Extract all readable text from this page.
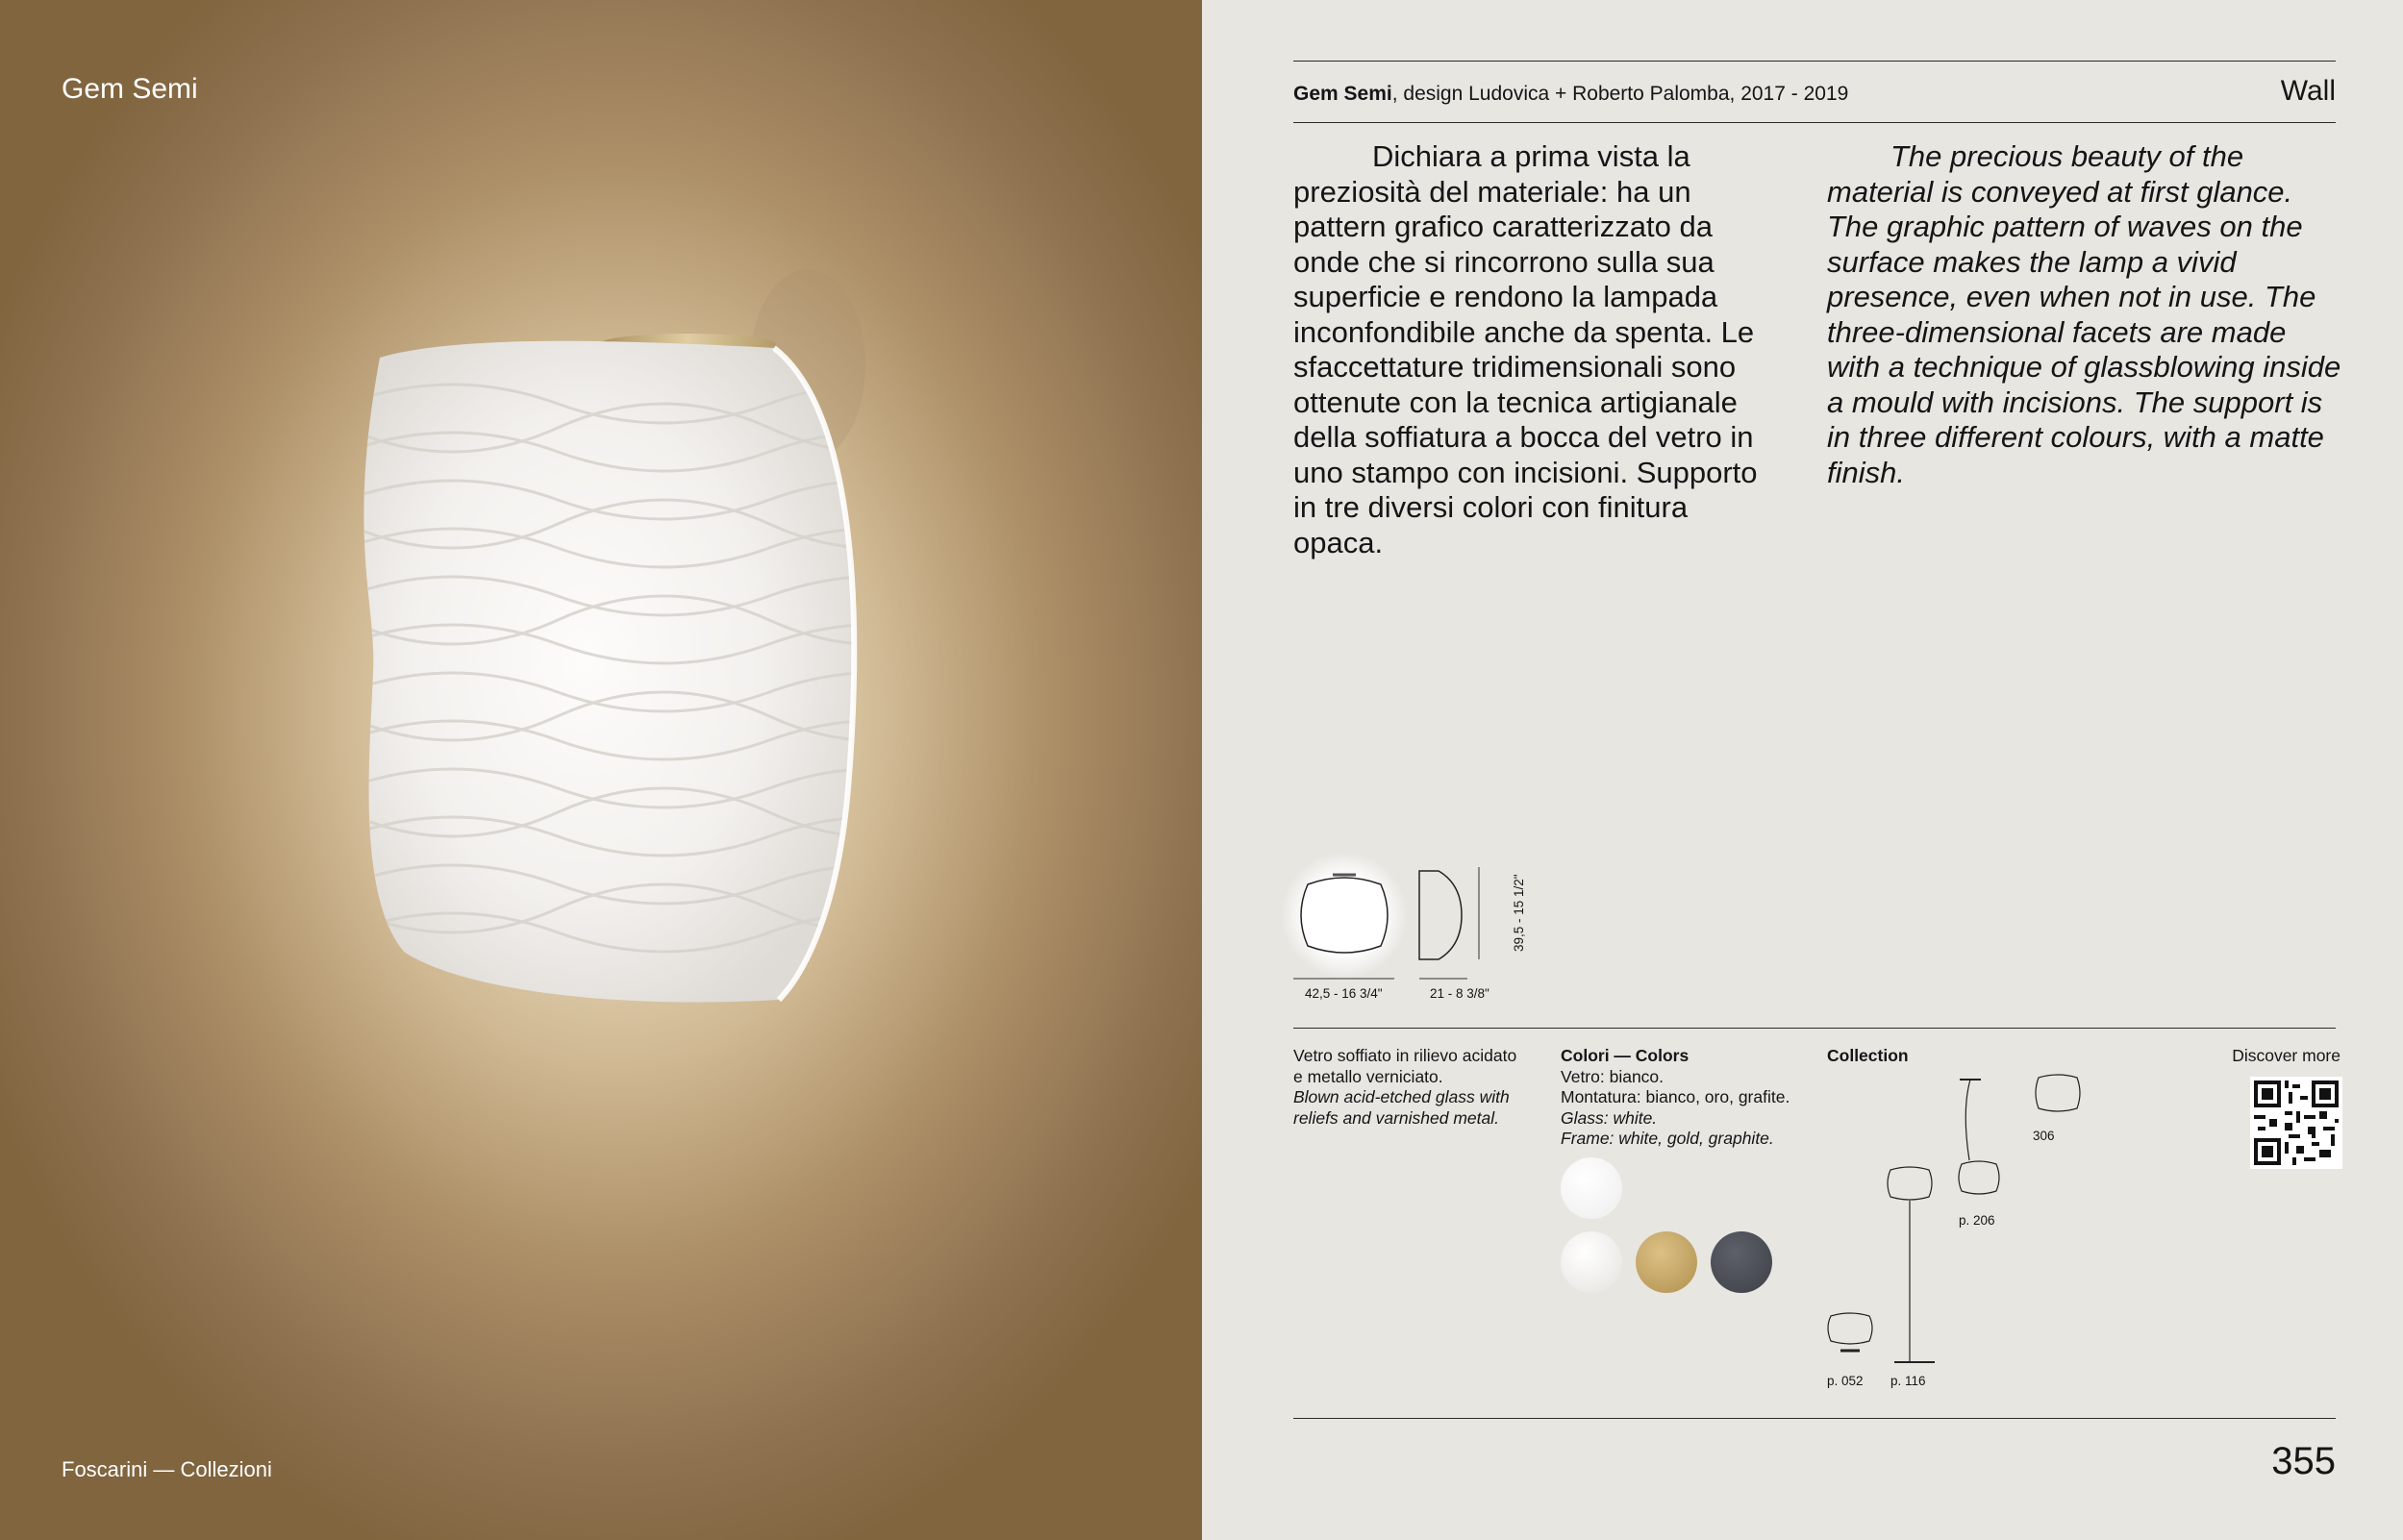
Gem Semi
Foscarini — Collezioni
Gem Semi, design Ludovica + Roberto Palomba, 2017 - 2019	Wall
Dichiara a prima vista la preziosità del materiale: ha un pattern grafico caratterizzato da onde che si rincorrono sulla sua superficie e rendono la lampada inconfondibile anche da spenta. Le sfaccettature tridimensionali sono ottenute con la tecnica artigianale della soffiatura a bocca del vetro in uno stampo con incisioni. Supporto in tre diversi colori con finitura opaca.
The precious beauty of the material is conveyed at first glance. The graphic pattern of waves on the surface makes the lamp a vivid presence, even when not in use. The three-dimensional facets are made with a technique of glassblowing inside a mould with incisions. The support is in three different colours, with a matte finish.
42,5 - 16 3/4"	21 - 8 3/8"
39,5 - 15 1/2"
Vetro soffiato in rilievo acidato
e metallo verniciato.
Blown acid-etched glass with
reliefs and varnished metal.
Colori — Colors
Vetro: bianco.
Montatura: bianco, oro, grafite.
Glass: white.
Frame: white, gold, graphite.
Collection
p. 052 p. 116
p. 206
306
Discover more
355
